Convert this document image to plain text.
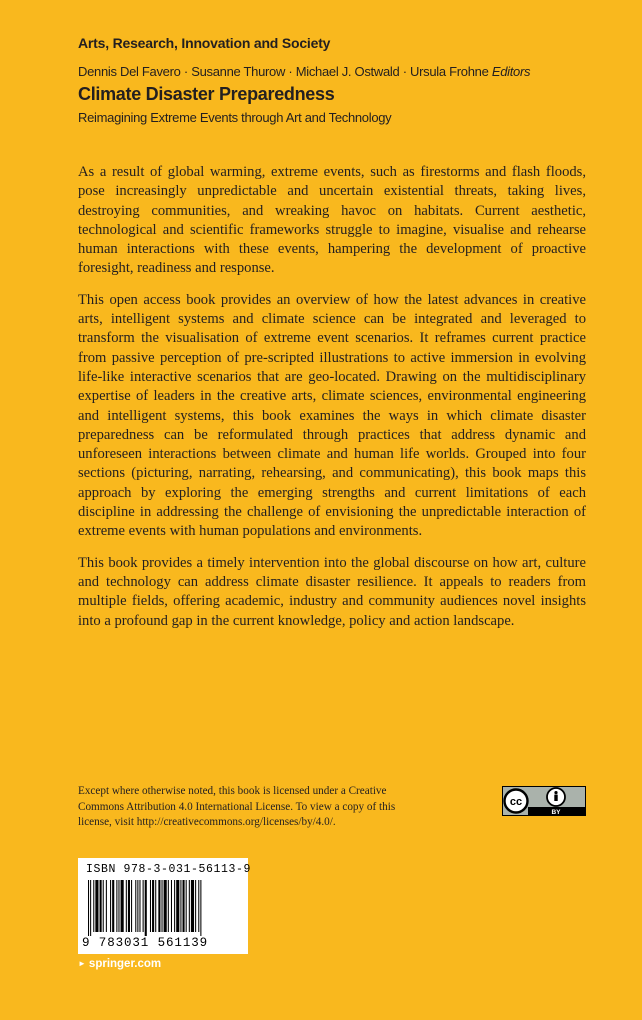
Arts, Research, Innovation and Society
Dennis Del Favero · Susanne Thurow · Michael J. Ostwald · Ursula Frohne Editors
Climate Disaster Preparedness
Reimagining Extreme Events through Art and Technology

As a result of global warming, extreme events, such as firestorms and flash floods, pose increasingly unpredictable and uncertain existential threats, taking lives, destroying communities, and wreaking havoc on habitats. Current aesthetic, technological and scientific frameworks struggle to imagine, visualise and rehearse human interactions with these events, hampering the development of proactive foresight, readiness and response.

This open access book provides an overview of how the latest advances in creative arts, intelligent systems and climate science can be integrated and leveraged to transform the visualisation of extreme event scenarios. It reframes current practice from passive perception of pre-scripted illustrations to active immersion in evolving life-like interactive scenarios that are geo-located. Drawing on the multidisciplinary expertise of leaders in the creative arts, climate sciences, environmental engineering and intelligent systems, this book examines the ways in which climate disaster preparedness can be reformulated through practices that address dynamic and unforeseen interactions between climate and human life worlds. Grouped into four sections (picturing, narrating, rehearsing, and communicating), this book maps this approach by exploring the emerging strengths and current limitations of each discipline in addressing the challenge of envisioning the unpredictable interaction of extreme events with human populations and environments.

This book provides a timely intervention into the global discourse on how art, culture and technology can address climate disaster resilience. It appeals to readers from multiple fields, offering academic, industry and community audiences novel insights into a profound gap in the current knowledge, policy and action landscape.

Except where otherwise noted, this book is licensed under a Creative Commons Attribution 4.0 International License. To view a copy of this license, visit http://creativecommons.org/licenses/by/4.0/.
cc
BY
ISBN 978-3-031-56113-9
9 783031 561139
► springer.com
